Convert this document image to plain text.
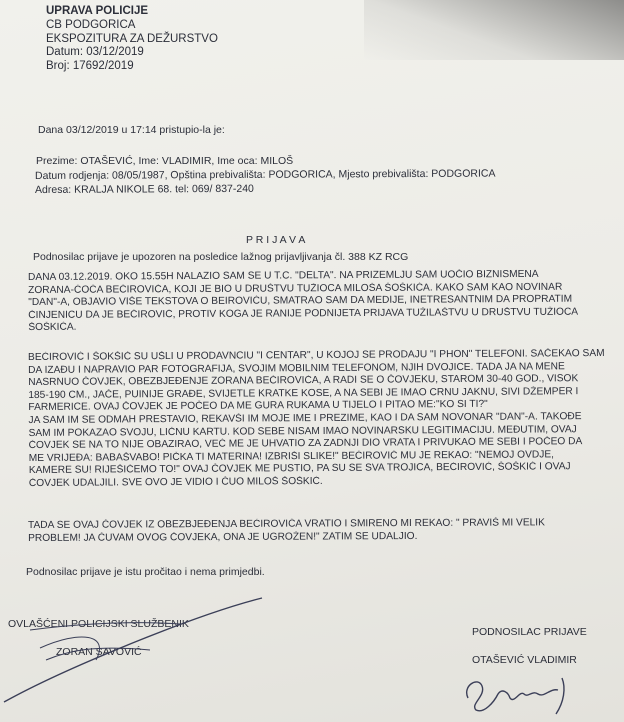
UPRAVA POLICIJE
CB PODGORICA
EKSPOZITURA ZA DEŽURSTVO
Datum: 03/12/2019
Broj: 17692/2019
Dana 03/12/2019 u 17:14 pristupio-la je:
Prezime: OTAŠEVIĆ, Ime: VLADIMIR, Ime oca: MILOŠ
Datum rodjenja: 08/05/1987, Opština prebivališta: PODGORICA, Mjesto prebivališta: PODGORICA
Adresa: KRALJA NIKOLE 68. tel: 069/ 837-240
P R I J A V A
Podnosilac prijave je upozoren na posledice lažnog prijavljivanja čl. 388 KZ RCG
DANA 03.12.2019. OKO 15.55H NALAZIO SAM SE U T.C. "DELTA". NA PRIZEMLJU SAM UOČIO BIZNISMENA
ZORANA-ĆOĆA BEĆIROVIĆA, KOJI JE BIO U DRUŠTVU TUŽIOCA MILOŠA ŠOŠKIĆA. KAKO SAM KAO NOVINAR
"DAN"-A, OBJAVIO VIŠE TEKSTOVA O BEIROVIĆU, SMATRAO SAM DA MEDIJE, INETRESANTNIM DA PROPRATIM
ČINJENICU DA JE BEĆIROVIĆ, PROTIV KOGA JE RANIJE PODNIJETA PRIJAVA TUŽILAŠTVU U DRUŠTVU TUŽIOCA
ŠOŠKIĆA.
BEĆIROVIĆ I ŠOKŠIĆ SU UŠLI U PRODAVNCIU "I CENTAR", U KOJOJ SE PRODAJU "I PHON" TELEFONI. SAČEKAO SAM
DA IZAĐU I NAPRAVIO PAR FOTOGRAFIJA, SVOJIM MOBILNIM TELEFONOM, NJIH DVOJICE. TADA JA NA MENE
NASRNUO ČOVJEK, OBEZBJEĐENJE ZORANA BEĆIROVIĆA, A RADI SE O ČOVJEKU, STAROM 30-40 GOD., VISOK
185-190 CM., JAČE, PUINIJE GRAĐE, SVIJETLE KRATKE KOSE, A NA SEBI JE IMAO CRNU JAKNU, SIVI DŽEMPER I
FARMERICE. OVAJ ČOVJEK JE POČEO DA ME GURA RUKAMA U TIJELO I PITAO ME:"KO SI TI?"
JA SAM IM SE ODMAH PRESTAVIO, REKAVŠI IM MOJE IME I PREZIME, KAO I DA SAM NOVONAR "DAN"-A. TAKOĐE
SAM IM POKAZAO SVOJU, LIČNU KARTU. KOD SEBE NISAM IMAO NOVINARSKU LEGITIMACIJU. MEĐUTIM, OVAJ
ČOVJEK SE NA TO NIJE OBAZIRAO, VEĆ ME JE UHVATIO ZA ZADNJI DIO VRATA I PRIVUKAO ME SEBI I POČEO DA
ME VRIJEĐA: BABAŠVABO! PIČKA TI MATERINA! IZBRIŠI SLIKE!" BEĆIROVIĆ MU JE REKAO: "NEMOJ OVDJE,
KAMERE SU! RIJEŠIĆEMO TO!" OVAJ ČOVJEK ME PUSTIO, PA SU SE SVA TROJICA, BEĆIROVIĆ, ŠOŠKIĆ I OVAJ
ČOVJEK UDALJILI. SVE OVO JE VIDIO I ČUO MILOŠ ŠOŠKIĆ.
TADA SE OVAJ ČOVJEK IZ OBEZBJEĐENJA BEĆIROVIĆA VRATIO I SMIRENO MI REKAO: " PRAVIŠ MI VELIK
PROBLEM! JA ČUVAM OVOG ČOVJEKA, ONA JE UGROŽEN!" ZATIM SE UDALJIO.
Podnosilac prijave je istu pročitao i nema primjedbi.
OVLAŠĆENI POLICIJSKI SLUŽBENIK
ZORAN SAVOVIĆ
PODNOSILAC PRIJAVE
OTAŠEVIĆ VLADIMIR
